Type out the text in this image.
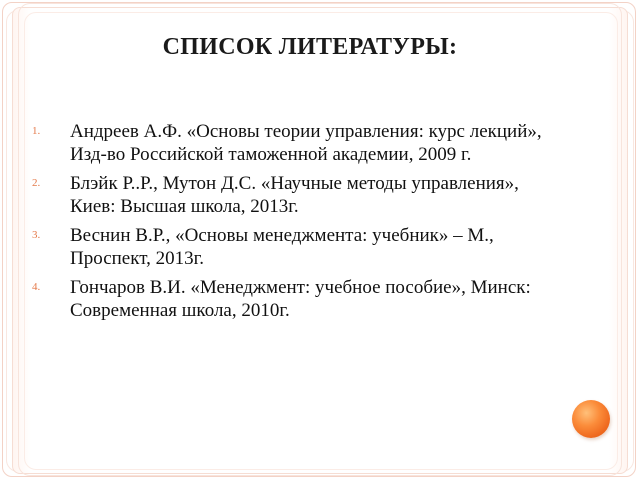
СПИСОК ЛИТЕРАТУРЫ:
1. Андреев А.Ф. «Основы теории управления: курс лекций», Изд-во Российской таможенной академии, 2009 г.
2. Блэйк Р..Р., Мутон Д.С. «Научные методы управления», Киев: Высшая школа, 2013г.
3. Веснин В.Р., «Основы менеджмента: учебник» – М., Проспект, 2013г.
4. Гончаров В.И. «Менеджмент: учебное пособие», Минск: Современная школа, 2010г.
